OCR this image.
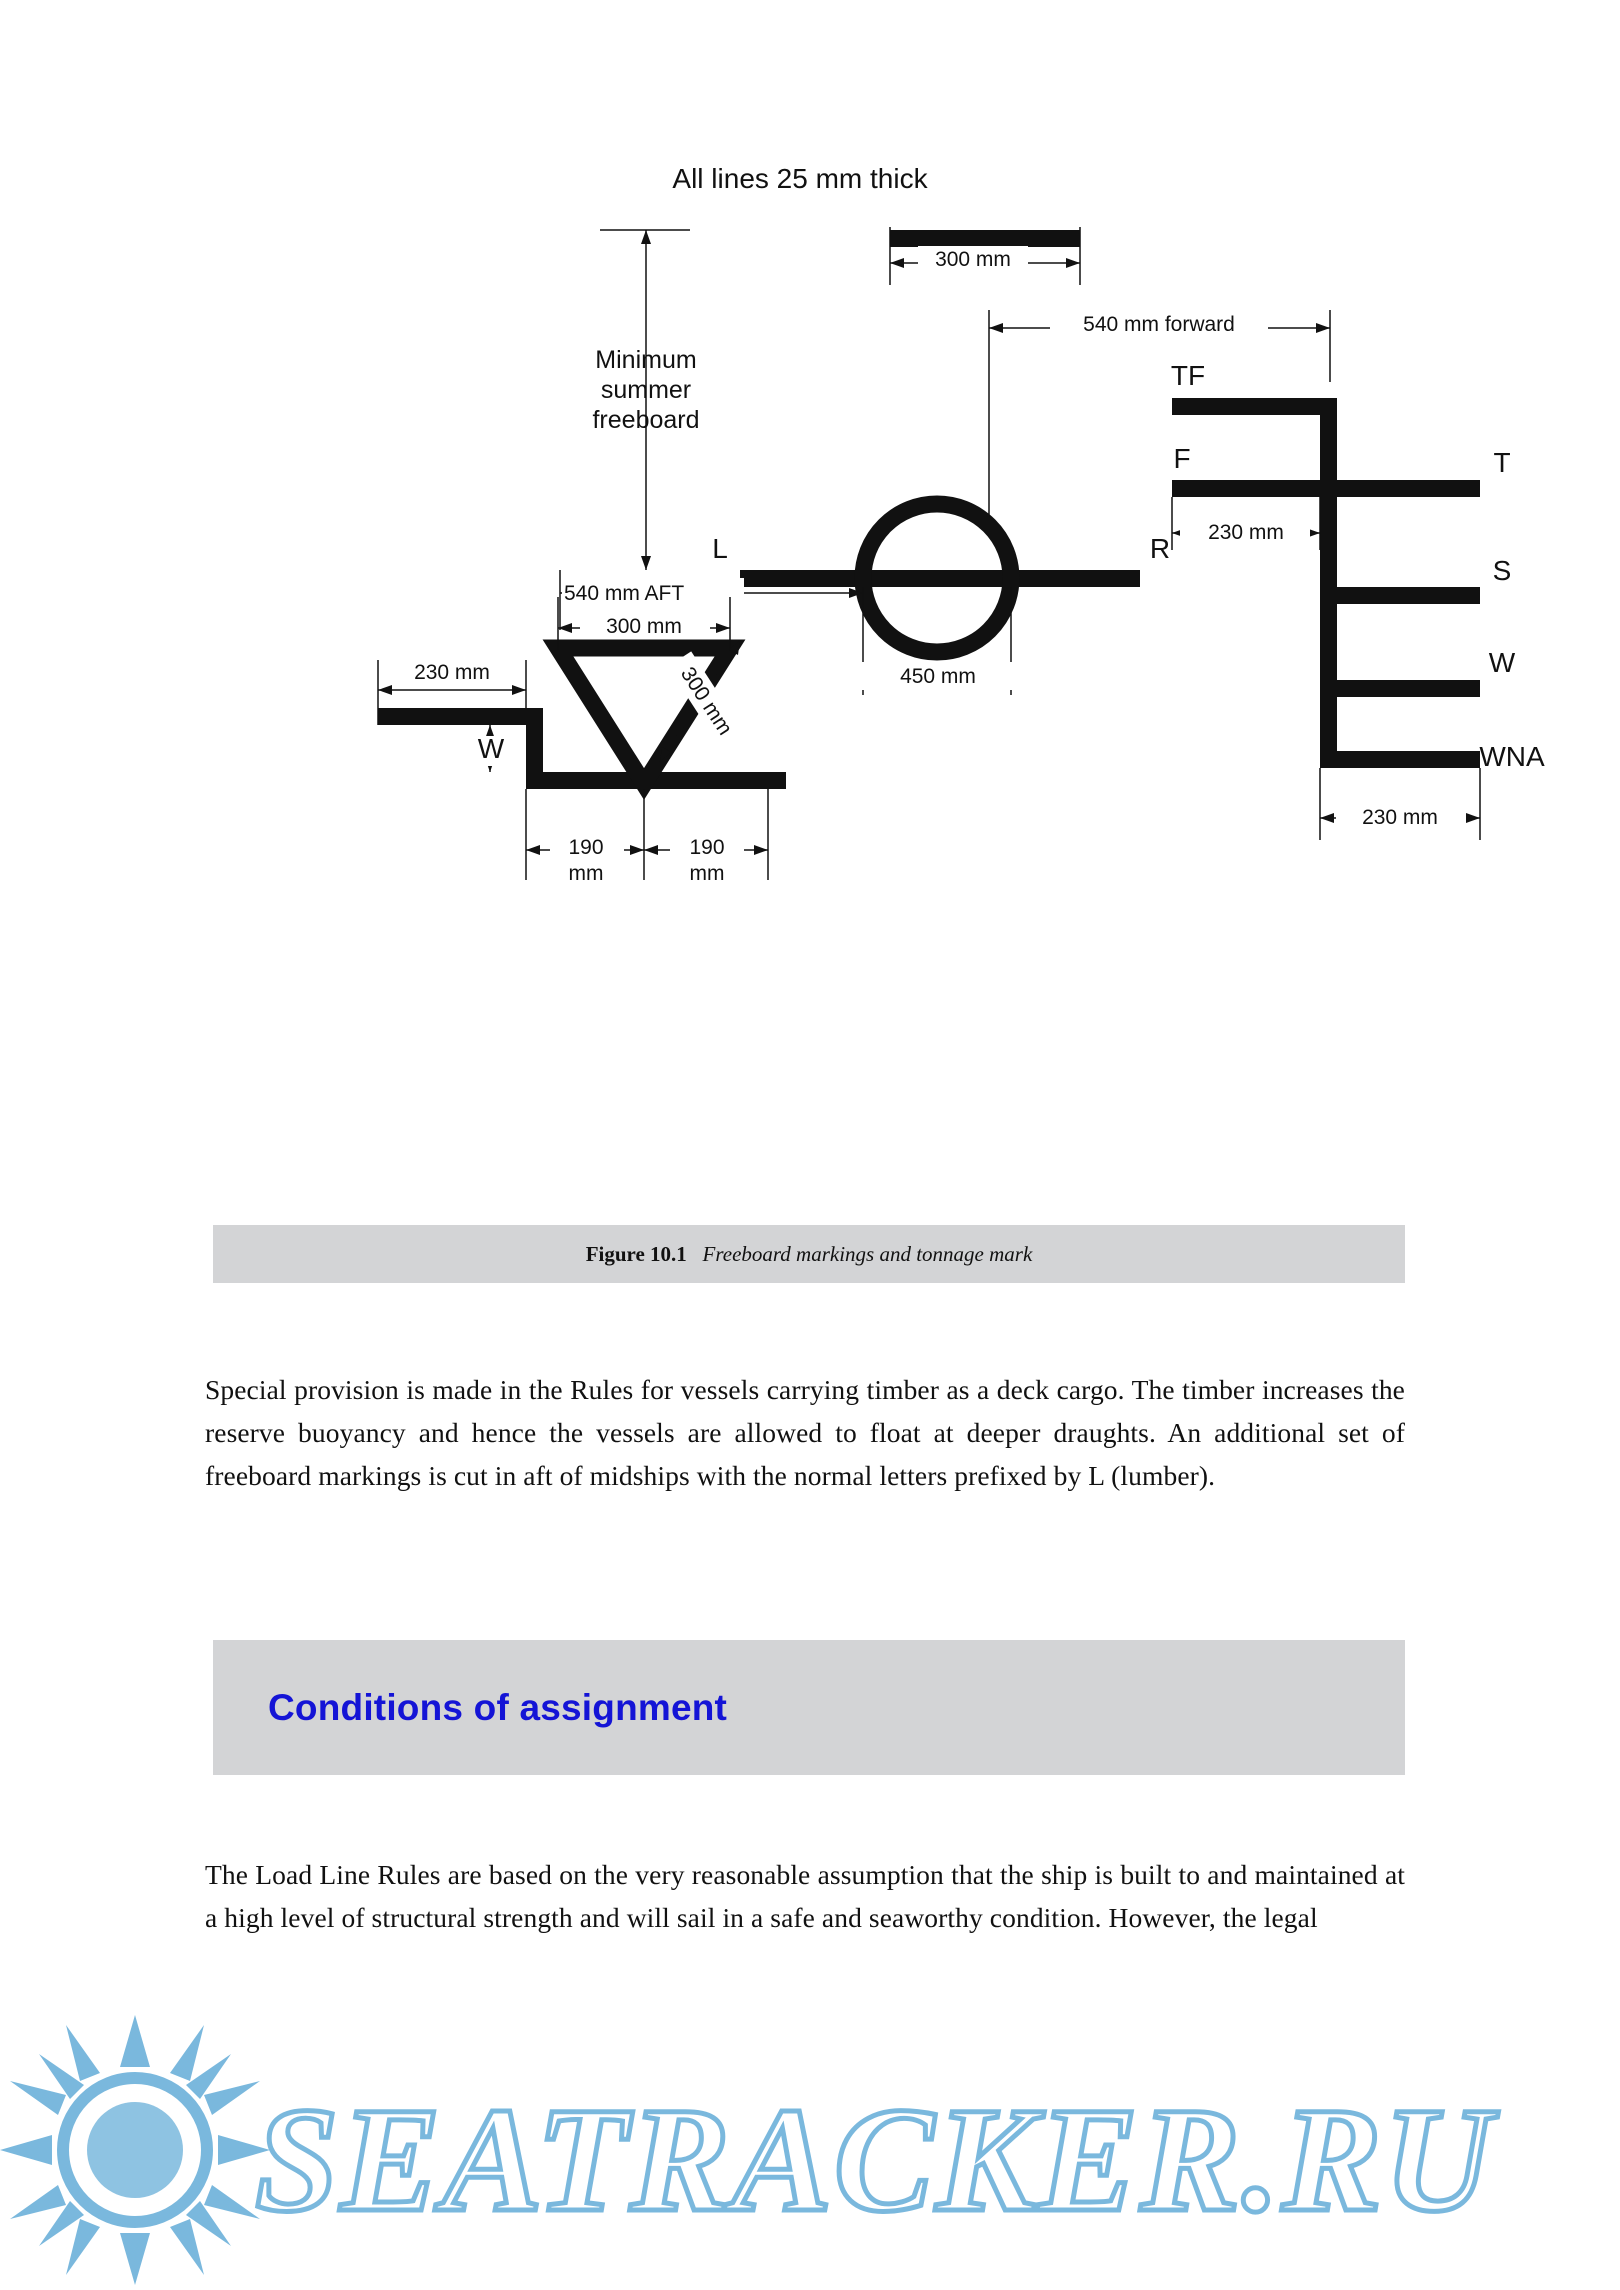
All lines 25 mm thick
300 mm
Minimum
summer
freeboard
540 mm forward
L	R
540 mm AFT
450 mm
TF
F	T
S
W
WNA
230 mm
230 mm
230 mm
300 mm
300 mm
W
190
mm
190
mm
Figure 10.1 Freeboard markings and tonnage mark

Special provision is made in the Rules for vessels carrying timber as a deck cargo. The timber increases the reserve buoyancy and hence the vessels are allowed to float at deeper draughts. An additional set of freeboard markings is cut in aft of midships with the normal letters prefixed by L (lumber).

Conditions of assignment

The Load Line Rules are based on the very reasonable assumption that the ship is built to and maintained at a high level of structural strength and will sail in a safe and seaworthy condition. However, the legal

SEATRACKER.RU
